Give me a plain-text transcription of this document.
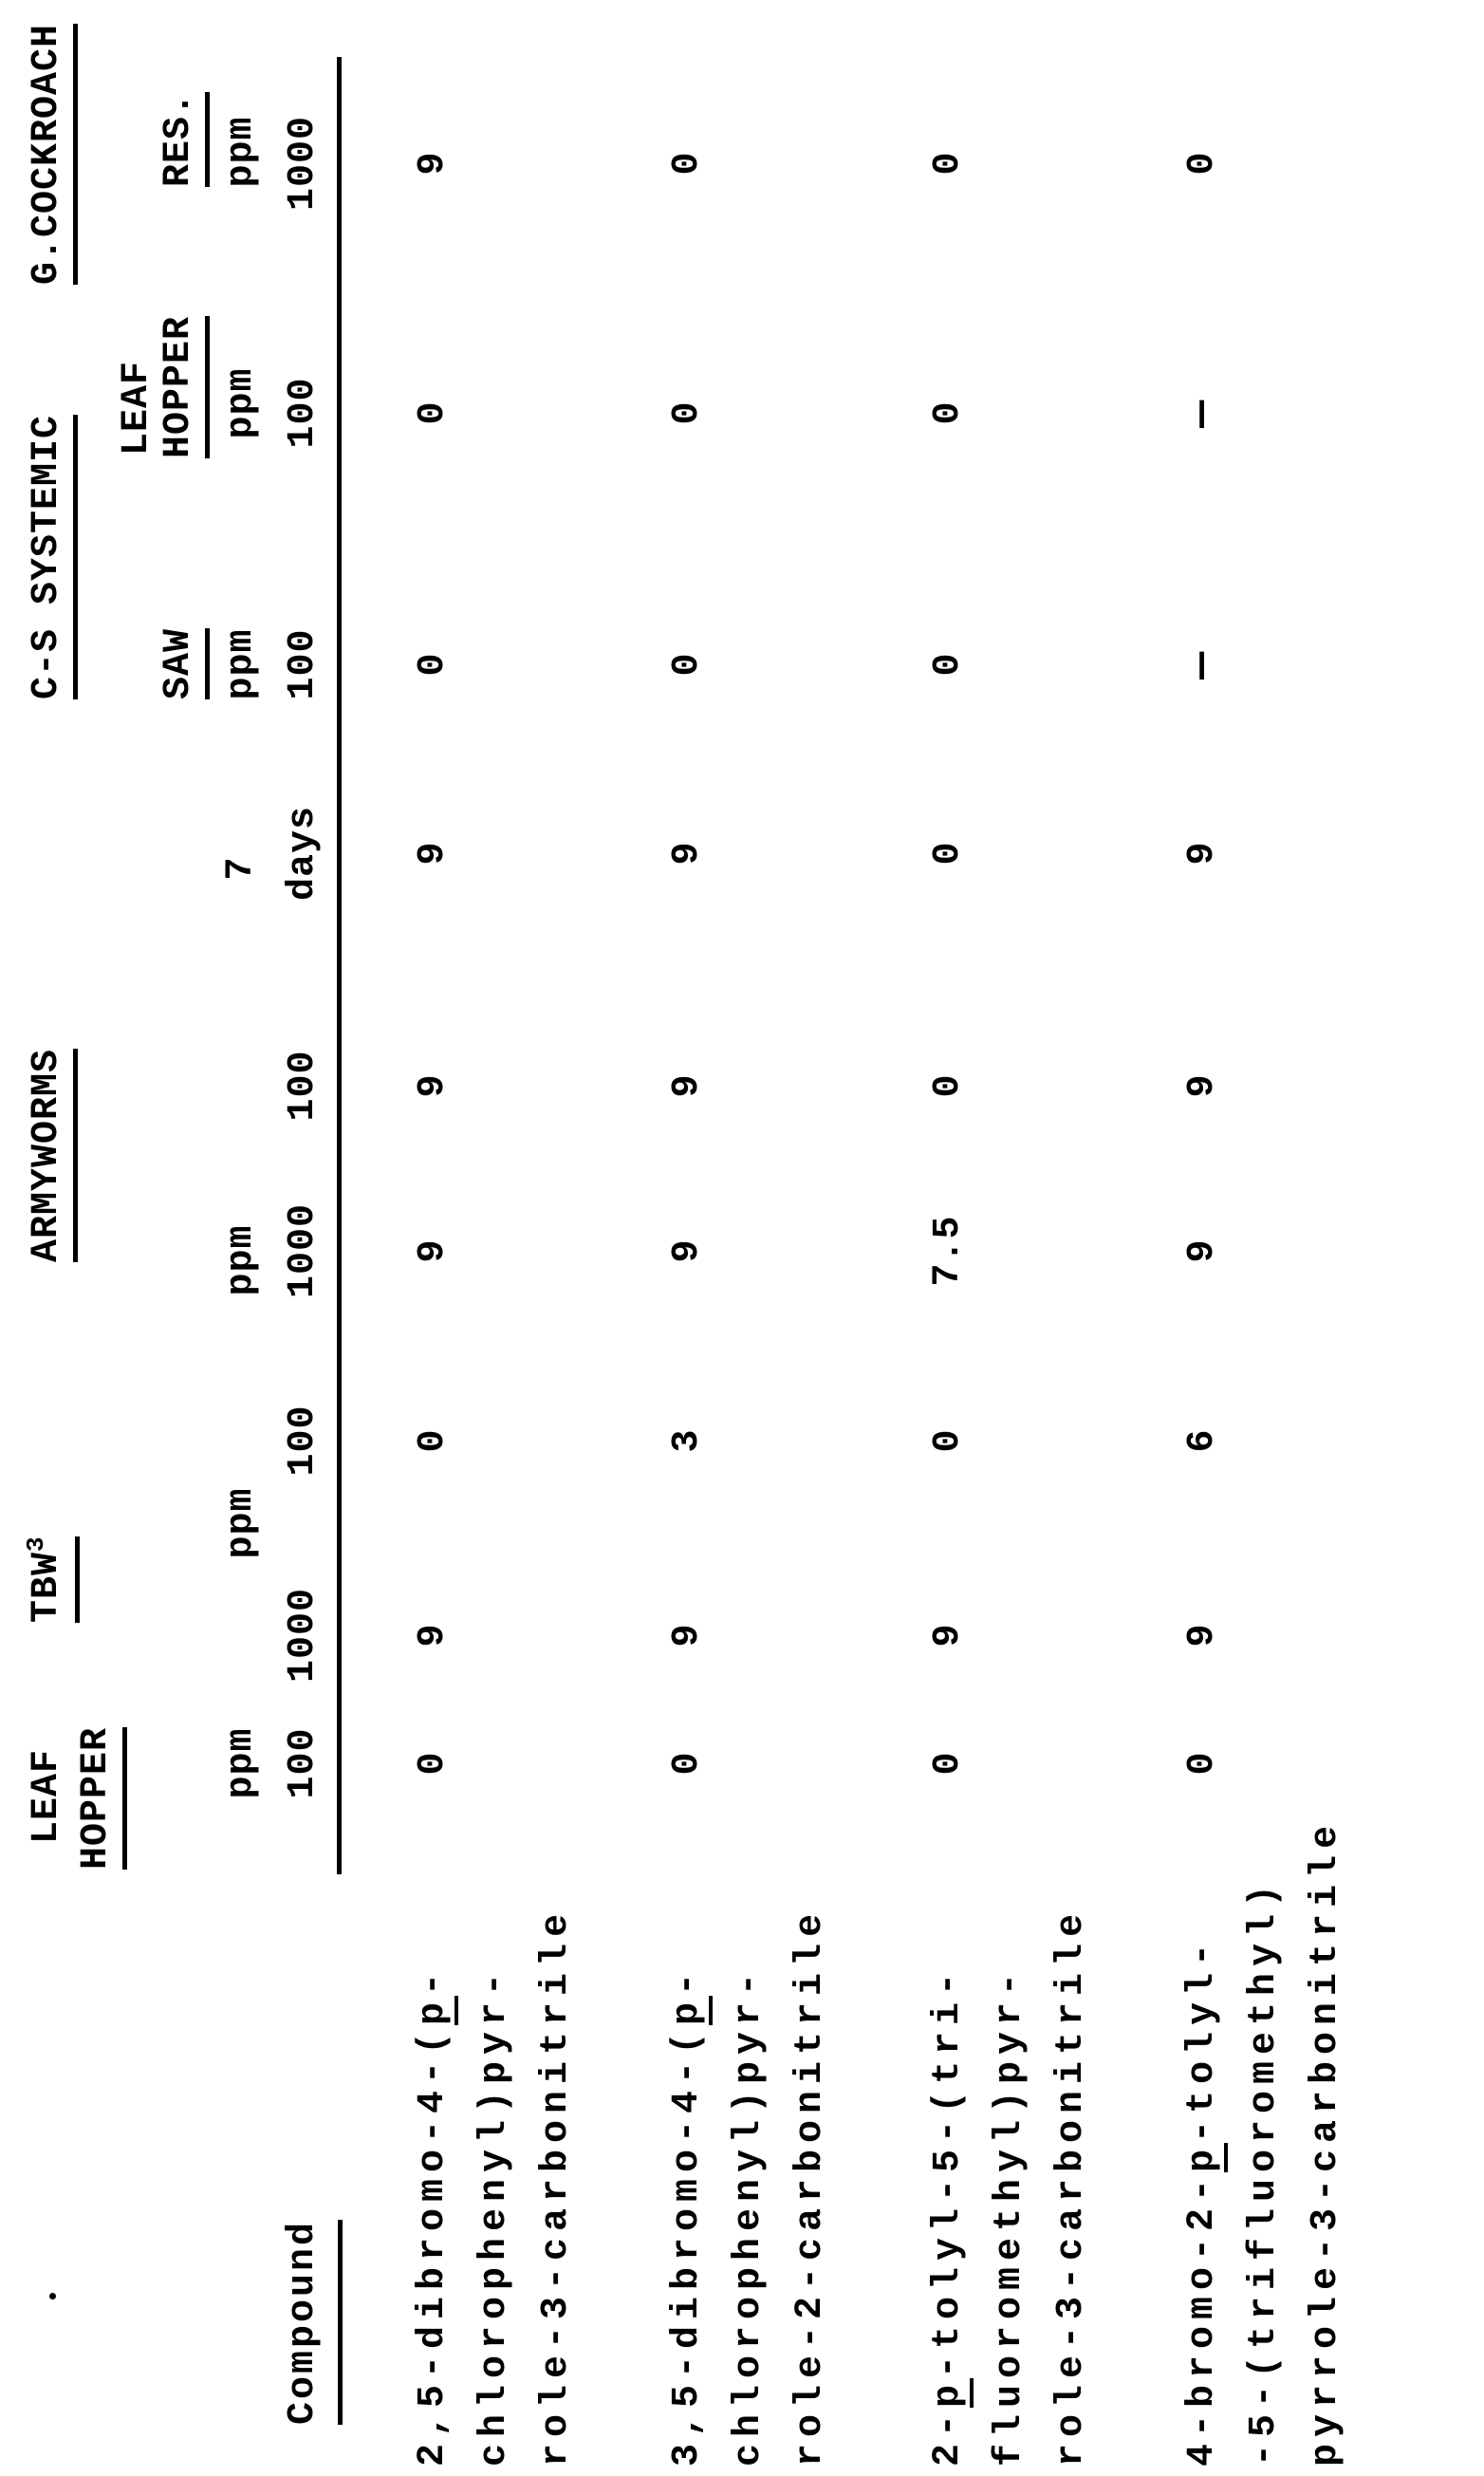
LEAF HOPPER
TBW$^3$
ARMYWORMS
C-S SYSTEMIC
G.COCKROACH
SAW
LEAF HOPPER
RES.
ppm
ppm
ppm
7
ppm
ppm
ppm
Compound
100
1000
100
1000
100
days
100
100
1000
2,5-dibromo-4-(p- chlorophenyl)pyr- role-3-carbonitrile
0
9
0
9
9
9
0
0
9
3,5-dibromo-4-(p- chlorophenyl)pyr- role-2-carbonitrile
0
9
3
9
9
9
0
0
0
2-p-tolyl-5-(tri- fluoromethyl)pyr- role-3-carbonitrile
0
9
0
7.5
0
0
0
0
0
4-bromo-2-p-tolyl- -5-(trifluoromethyl) pyrrole-3-carbonitrile
0
9
6
9
9
9
-
-
0
